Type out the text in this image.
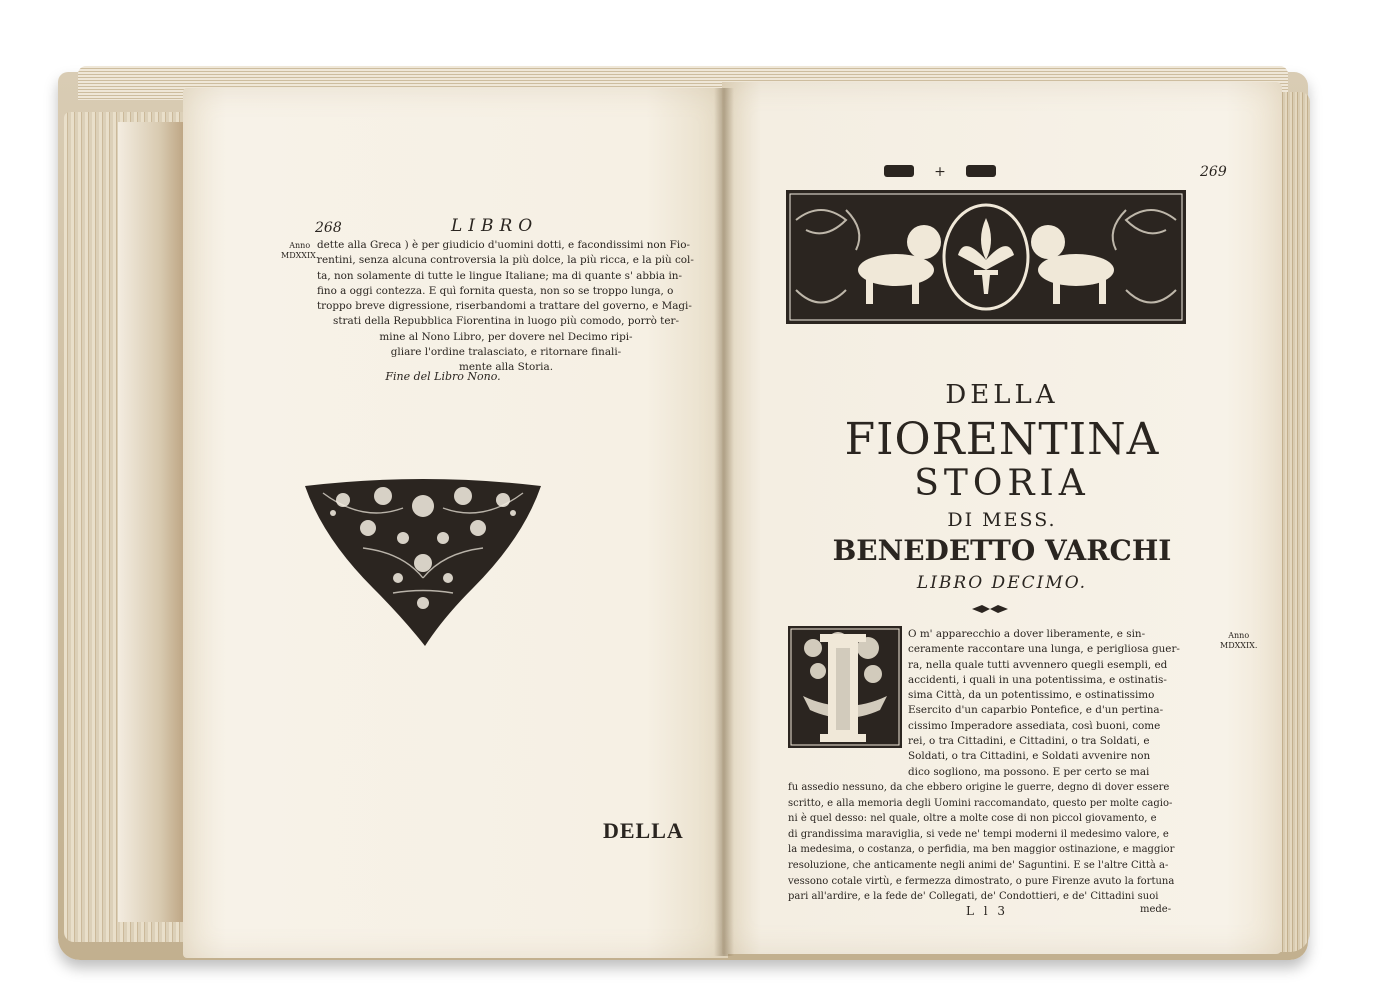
268	LIBRO
Anno
MDXXIX.
dette alla Greca ) è per giudicio d'uomini dotti, e facondissimi non Fio-
rentini, senza alcuna controversia la più dolce, la più ricca, e la più col-
ta, non solamente di tutte le lingue Italiane; ma di quante s' abbia in-
fino a oggi contezza. E quì fornita questa, non so se troppo lunga, o
troppo breve digressione, riserbandomi a trattare del governo, e Magi-
strati della Repubblica Fiorentina in luogo più comodo, porrò ter-
mine al Nono Libro, per dovere nel Decimo ripi-
gliare l'ordine tralasciato, e ritornare finali-
mente alla Storia.
Fine del Libro Nono.
DELLA
+	269
DELLA
FIORENTINA
STORIA
DI MESS.
BENEDETTO VARCHI
LIBRO DECIMO.
Anno
MDXXIX.
O m' apparecchio a dover liberamente, e sin-
ceramente raccontare una lunga, e perigliosa guer-
ra, nella quale tutti avvennero quegli esempli, ed
accidenti, i quali in una potentissima, e ostinatis-
sima Città, da un potentissimo, e ostinatissimo
Esercito d'un caparbio Pontefice, e d'un pertina-
cissimo Imperadore assediata, così buoni, come
rei, o tra Cittadini, e Cittadini, o tra Soldati, e
Soldati, o tra Cittadini, e Soldati avvenire non
dico sogliono, ma possono. E per certo se mai
fu assedio nessuno, da che ebbero origine le guerre, degno di dover essere
scritto, e alla memoria degli Uomini raccomandato, questo per molte cagio-
ni è quel desso: nel quale, oltre a molte cose di non piccol giovamento, e
di grandissima maraviglia, si vede ne' tempi moderni il medesimo valore, e
la medesima, o costanza, o perfidia, ma ben maggior ostinazione, e maggior
resoluzione, che anticamente negli animi de' Saguntini. E se l'altre Città a-
vessono cotale virtù, e fermezza dimostrato, o pure Firenze avuto la fortuna
pari all'ardire, e la fede de' Collegati, de' Condottieri, e de' Cittadini suoi
L l 3	mede-
